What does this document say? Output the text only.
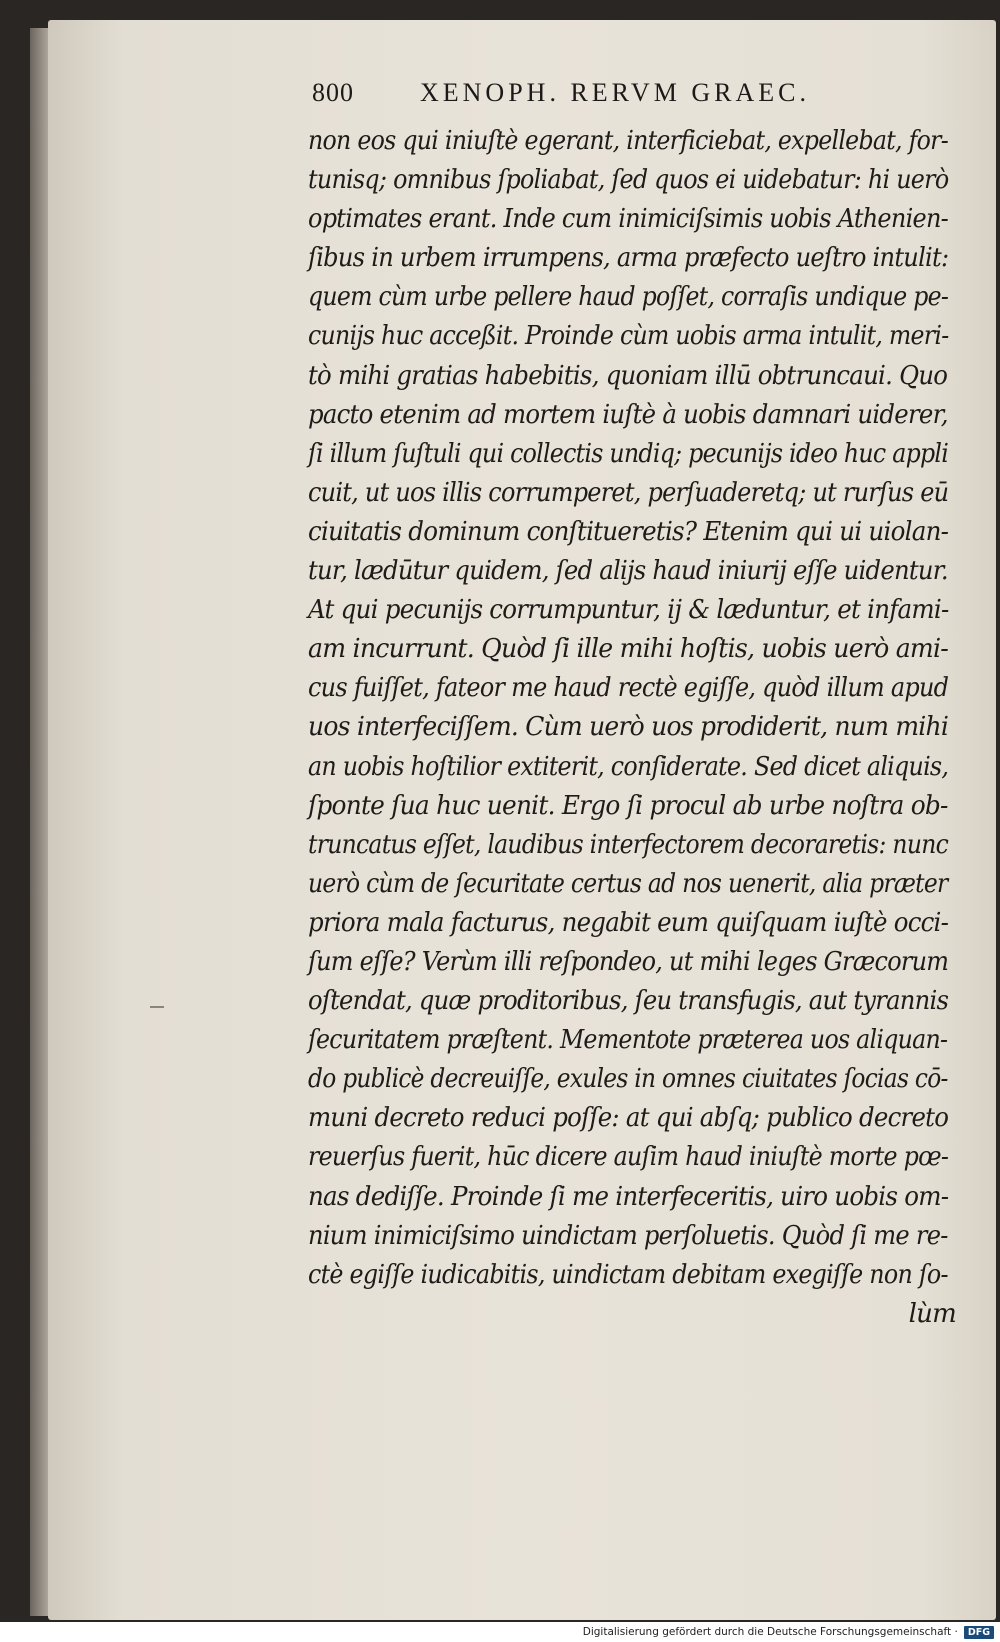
800	XENOPH. RERVM GRAEC.
non eos qui iniuſtè egerant, interficiebat, expellebat, for-
tunisq; omnibus ſpoliabat, ſed quos ei uidebatur: hi uerò
optimates erant. Inde cum inimiciſsimis uobis Athenien-
ſibus in urbem irrumpens, arma præfecto ueſtro intulit:
quem cùm urbe pellere haud poſſet, corraſis undique pe-
cunijs huc acceßit. Proinde cùm uobis arma intulit, meri-
tò mihi gratias habebitis, quoniam illū obtruncaui. Quo
pacto etenim ad mortem iuſtè à uobis damnari uiderer,
ſi illum ſuſtuli qui collectis undiq; pecunijs ideo huc appli
cuit, ut uos illis corrumperet, perſuaderetq; ut rurſus eū
ciuitatis dominum conſtitueretis? Etenim qui ui uiolan-
tur, lædūtur quidem, ſed alijs haud iniurij eſſe uidentur.
At qui pecunijs corrumpuntur, ij & læduntur, et infami-
am incurrunt. Quòd ſi ille mihi hoſtis, uobis uerò ami-
cus fuiſſet, fateor me haud rectè egiſſe, quòd illum apud
uos interfeciſſem. Cùm uerò uos prodiderit, num mihi
an uobis hoſtilior extiterit, conſiderate. Sed dicet aliquis,
ſponte ſua huc uenit. Ergo ſi procul ab urbe noſtra ob-
truncatus eſſet, laudibus interfectorem decoraretis: nunc
uerò cùm de ſecuritate certus ad nos uenerit, alia præter
priora mala facturus, negabit eum quiſquam iuſtè occi-
ſum eſſe? Verùm illi reſpondeo, ut mihi leges Græcorum
oſtendat, quæ proditoribus, ſeu transfugis, aut tyrannis
ſecuritatem præſtent. Mementote præterea uos aliquan-
do publicè decreuiſſe, exules in omnes ciuitates ſocias cō-
muni decreto reduci poſſe: at qui abſq; publico decreto
reuerſus fuerit, hūc dicere auſim haud iniuſtè morte pœ-
nas dediſſe. Proinde ſi me interfeceritis, uiro uobis om-
nium inimiciſsimo uindictam perſoluetis. Quòd ſi me re-
ctè egiſſe iudicabitis, uindictam debitam exegiſſe non ſo-
lùm
Digitalisierung gefördert durch die Deutsche Forschungsgemeinschaft ·	DFG
